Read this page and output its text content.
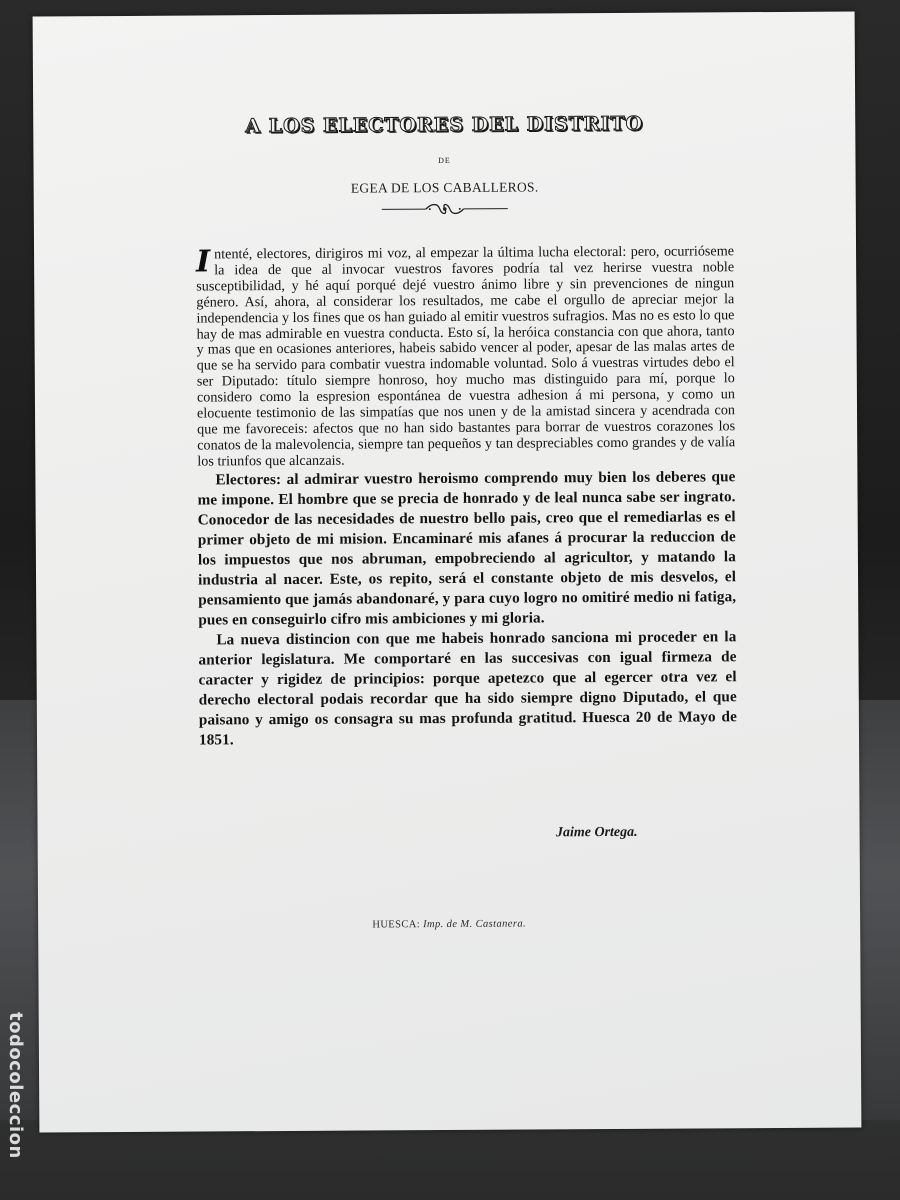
A LOS ELECTORES DEL DISTRITO
DE
EGEA DE LOS CABALLEROS.

Intenté, electores, dirigiros mi voz, al empezar la última lucha electoral: pero, ocurrióseme la idea de que al invocar vuestros favores podría tal vez herirse vuestra noble susceptibilidad, y hé aquí porqué dejé vuestro ánimo libre y sin prevenciones de ningun género. Así, ahora, al considerar los resultados, me cabe el orgullo de apreciar mejor la independencia y los fines que os han guiado al emitir vuestros sufragios. Mas no es esto lo que hay de mas admirable en vuestra conducta. Esto sí, la heróica constancia con que ahora, tanto y mas que en ocasiones anteriores, habeis sabido vencer al poder, apesar de las malas artes de que se ha servido para combatir vuestra indomable voluntad. Solo á vuestras virtudes debo el ser Diputado: título siempre honroso, hoy mucho mas distinguido para mí, porque lo considero como la espresion espontánea de vuestra adhesion á mi persona, y como un elocuente testimonio de las simpatías que nos unen y de la amistad sincera y acendrada con que me favoreceis: afectos que no han sido bastantes para borrar de vuestros corazones los conatos de la malevolencia, siempre tan pequeños y tan despreciables como grandes y de valía los triunfos que alcanzais.

Electores: al admirar vuestro heroismo comprendo muy bien los deberes que me impone. El hombre que se precia de honrado y de leal nunca sabe ser ingrato. Conocedor de las necesidades de nuestro bello pais, creo que el remediarlas es el primer objeto de mi mision. Encaminaré mis afanes á procurar la reduccion de los impuestos que nos abruman, empobreciendo al agricultor, y matando la industria al nacer. Este, os repito, será el constante objeto de mis desvelos, el pensamiento que jamás abandonaré, y para cuyo logro no omitiré medio ni fatiga, pues en conseguirlo cifro mis ambiciones y mi gloria.

La nueva distincion con que me habeis honrado sanciona mi proceder en la anterior legislatura. Me comportaré en las succesivas con igual firmeza de caracter y rigidez de principios: porque apetezco que al egercer otra vez el derecho electoral podais recordar que ha sido siempre digno Diputado, el que paisano y amigo os consagra su mas profunda gratitud. Huesca 20 de Mayo de 1851.

Jaime Ortega.
HUESCA: Imp. de M. Castanera.
todocoleccion
